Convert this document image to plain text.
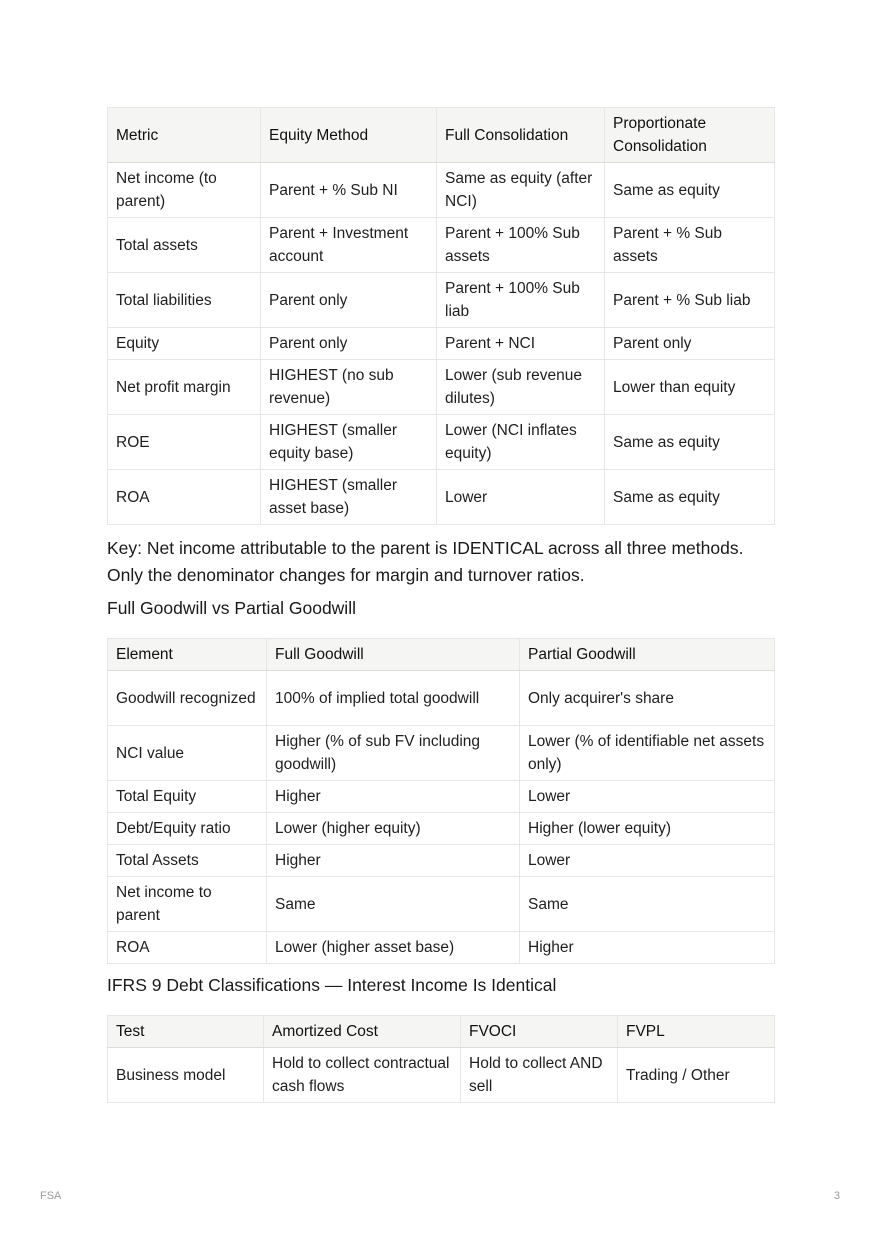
Metric	Equity Method	Full Consolidation	Proportionate Consolidation
Net income (to parent)	Parent + % Sub NI	Same as equity (after NCI)	Same as equity
Total assets	Parent + Investment account	Parent + 100% Sub assets	Parent + % Sub assets
Total liabilities	Parent only	Parent + 100% Sub liab	Parent + % Sub liab
Equity	Parent only	Parent + NCI	Parent only
Net profit margin	HIGHEST (no sub revenue)	Lower (sub revenue dilutes)	Lower than equity
ROE	HIGHEST (smaller equity base)	Lower (NCI inflates equity)	Same as equity
ROA	HIGHEST (smaller asset base)	Lower	Same as equity

Key: Net income attributable to the parent is IDENTICAL across all three methods. Only the denominator changes for margin and turnover ratios.

Full Goodwill vs Partial Goodwill

Element	Full Goodwill	Partial Goodwill
Goodwill recognized	100% of implied total goodwill	Only acquirer's share
NCI value	Higher (% of sub FV including goodwill)	Lower (% of identifiable net assets only)
Total Equity	Higher	Lower
Debt/Equity ratio	Lower (higher equity)	Higher (lower equity)
Total Assets	Higher	Lower
Net income to parent	Same	Same
ROA	Lower (higher asset base)	Higher

IFRS 9 Debt Classifications — Interest Income Is Identical

Test	Amortized Cost	FVOCI	FVPL
Business model	Hold to collect contractual cash flows	Hold to collect AND sell	Trading / Other
FSA	3
